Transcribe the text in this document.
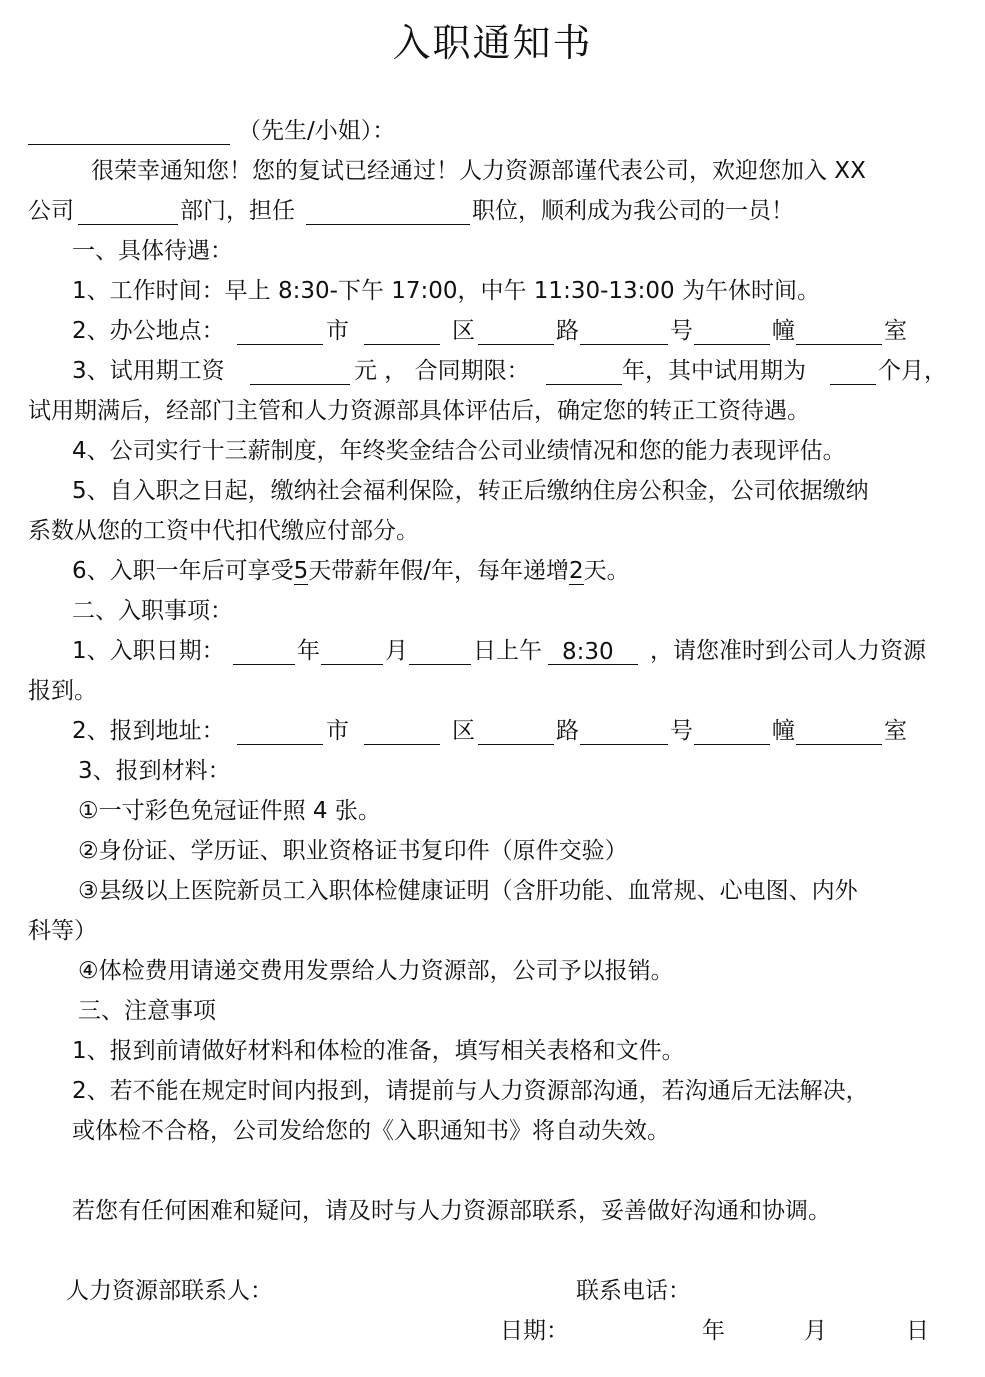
入职通知书
（先生/小姐）：
很荣幸通知您！您的复试已经通过！人力资源部谨代表公司，欢迎您加入 XX
公司	部门，担任	职位，顺利成为我公司的一员！
一、具体待遇：
1、工作时间：早上 8:30-下午 17:00，中午 11:30-13:00 为午休时间。
2、办公地点：	市	区	路	号	幢	室
3、试用期工资	元 ， 合同期限：	年，其中试用期为	个月，
试用期满后，经部门主管和人力资源部具体评估后，确定您的转正工资待遇。
4、公司实行十三薪制度，年终奖金结合公司业绩情况和您的能力表现评估。
5、自入职之日起，缴纳社会福利保险，转正后缴纳住房公积金，公司依据缴纳
系数从您的工资中代扣代缴应付部分。
6、入职一年后可享受5天带薪年假/年，每年递增2天。
二、入职事项：
1、入职日期：	年	月	日上午 8:30	，请您准时到公司人力资源
报到。
2、报到地址：	市	区	路	号	幢	室
3、报到材料：
①一寸彩色免冠证件照 4 张。
②身份证、学历证、职业资格证书复印件（原件交验）
③县级以上医院新员工入职体检健康证明（含肝功能、血常规、心电图、内外
科等）
④体检费用请递交费用发票给人力资源部，公司予以报销。
三、注意事项
1、报到前请做好材料和体检的准备，填写相关表格和文件。
2、若不能在规定时间内报到，请提前与人力资源部沟通，若沟通后无法解决，
或体检不合格，公司发给您的《入职通知书》将自动失效。
若您有任何困难和疑问，请及时与人力资源部联系，妥善做好沟通和协调。
人力资源部联系人：	联系电话：
日期：	年	月	日
